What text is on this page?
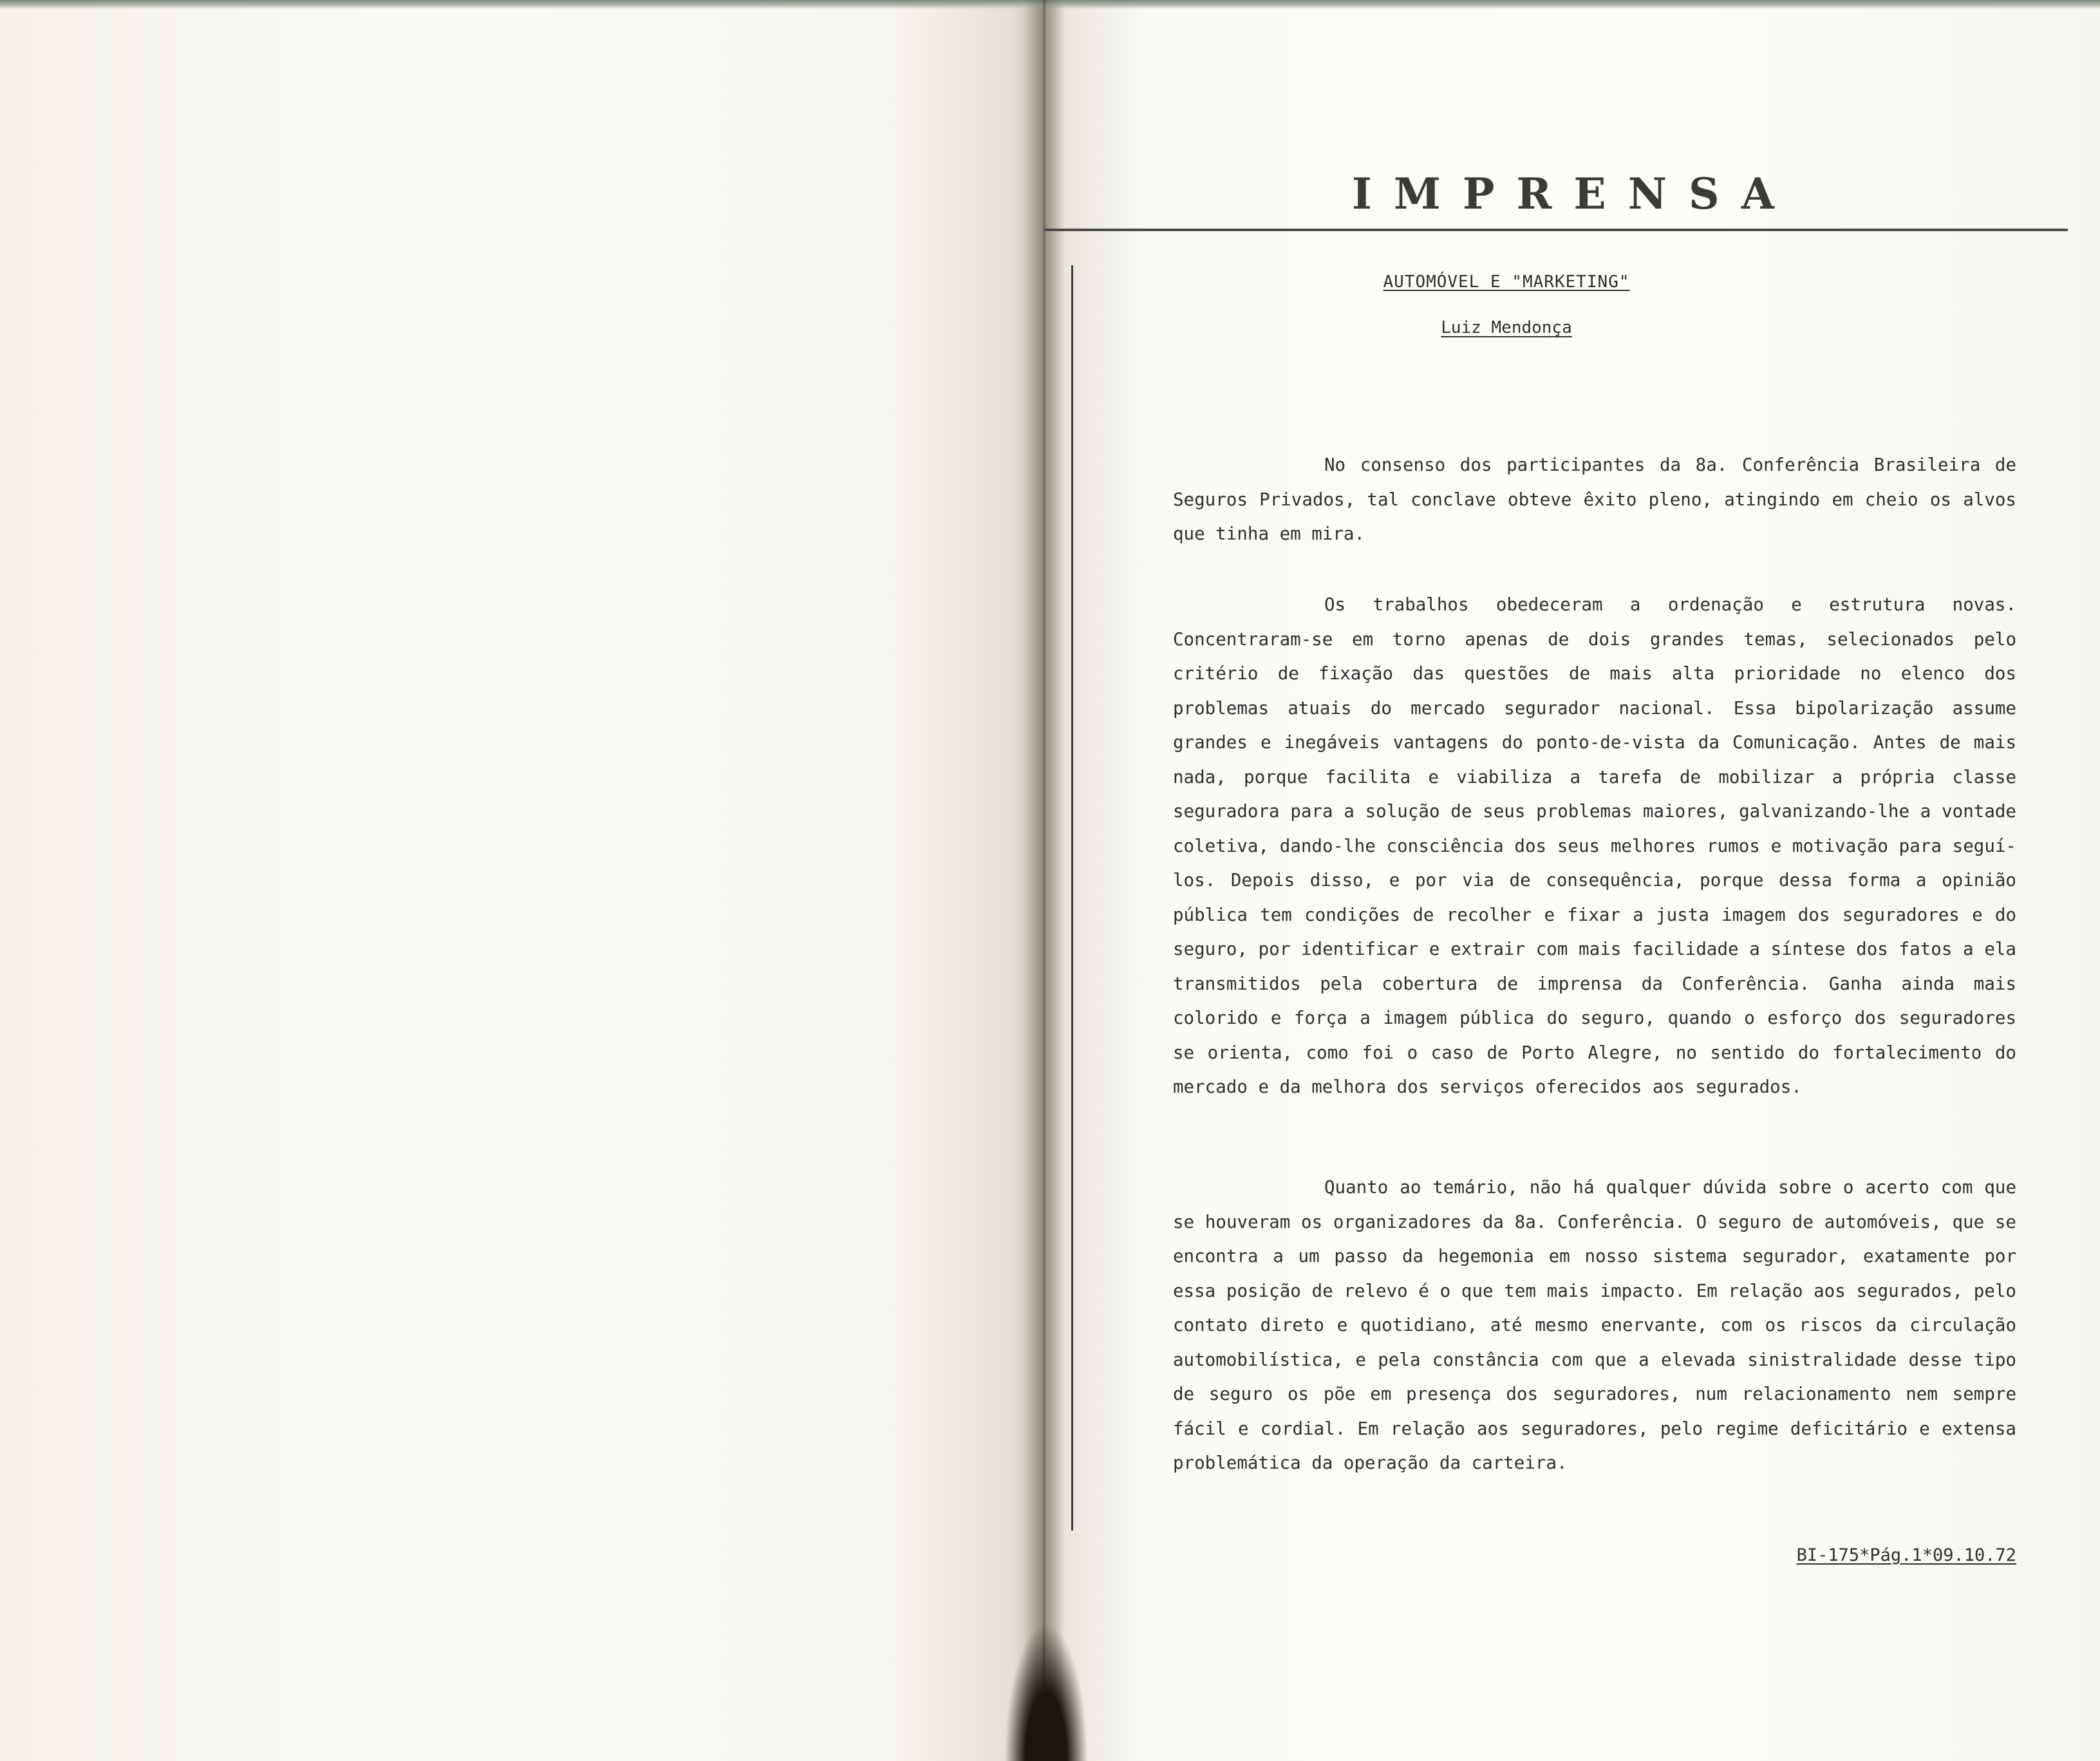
IMPRENSA
AUTOMÓVEL E "MARKETING"
Luiz Mendonça

No consenso dos participantes da 8a. Conferência Brasileira de Seguros Privados, tal conclave obteve êxito pleno, atingindo em cheio os alvos que tinha em mira.

Os trabalhos obedeceram a ordenação e estrutura novas. Concentraram-se em torno apenas de dois grandes temas, selecionados pelo critério de fixação das questões de mais alta prioridade no elenco dos problemas atuais do mercado segurador nacional. Essa bipolarização assume grandes e inegáveis vantagens do ponto-de-vista da Comunicação. Antes de mais nada, porque facilita e viabiliza a tarefa de mobilizar a própria classe seguradora para a solução de seus problemas maiores, galvanizando-lhe a vontade coletiva, dando-lhe consciência dos seus melhores rumos e motivação para seguí-los. Depois disso, e por via de consequência, porque dessa forma a opinião pública tem condições de recolher e fixar a justa imagem dos seguradores e do seguro, por identificar e extrair com mais facilidade a síntese dos fatos a ela transmitidos pela cobertura de imprensa da Conferência. Ganha ainda mais colorido e força a imagem pública do seguro, quando o esforço dos seguradores se orienta, como foi o caso de Porto Alegre, no sentido do fortalecimento do mercado e da melhora dos serviços oferecidos aos segurados.

Quanto ao temário, não há qualquer dúvida sobre o acerto com que se houveram os organizadores da 8a. Conferência. O seguro de automóveis, que se encontra a um passo da hegemonia em nosso sistema segurador, exatamente por essa posição de relevo é o que tem mais impacto. Em relação aos segurados, pelo contato direto e quotidiano, até mesmo enervante, com os riscos da circulação automobilística, e pela constância com que a elevada sinistralidade desse tipo de seguro os põe em presença dos seguradores, num relacionamento nem sempre fácil e cordial. Em relação aos seguradores, pelo regime deficitário e extensa problemática da operação da carteira.

BI-175*Pág.1*09.10.72
